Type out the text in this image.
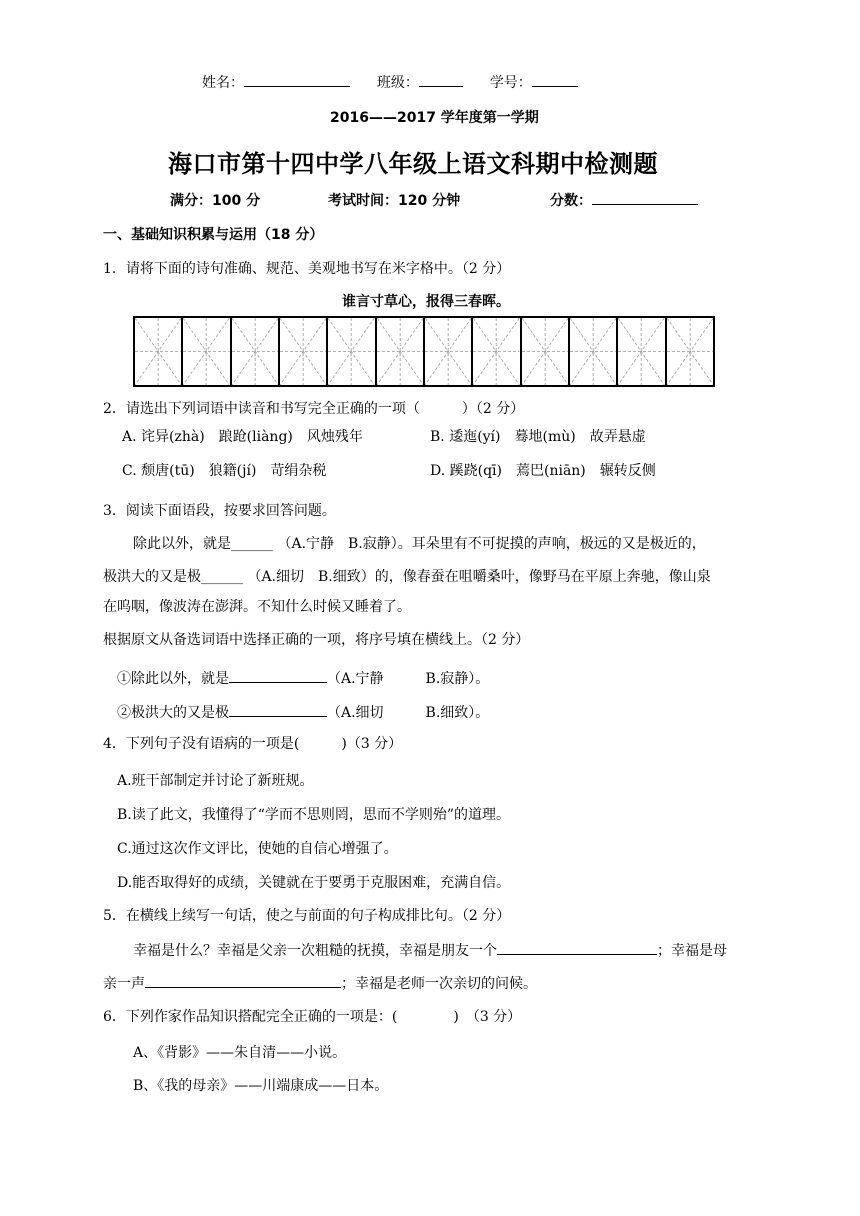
姓名：	班级：	学号：
2016——2017 学年度第一学期
海口市第十四中学八年级上语文科期中检测题
满分：100 分	考试时间：120 分钟	分数：
一、基础知识积累与运用（18 分）
1．请将下面的诗句准确、规范、美观地书写在米字格中。（2 分）
谁言寸草心，报得三春晖。
2．请选出下列词语中读音和书写完全正确的一项（　　　）（2 分）
A. 诧异(zhà)　踉跄(liàng)　风烛残年	B. 逶迤(yí)　蓦地(mù)　故弄悬虚
C. 颓唐(tū)　狼籍(jí)　苛绢杂税	D. 蹊跷(qī)　蔫巴(niān)　辗转反侧
3．阅读下面语段，按要求回答问题。
除此以外，就是______ （A.宁静　B.寂静）。耳朵里有不可捉摸的声响，极远的又是极近的，
极洪大的又是极______ （A.细切　B.细致）的，像春蚕在咀嚼桑叶，像野马在平原上奔驰，像山泉
在呜咽，像波涛在澎湃。不知什么时候又睡着了。
根据原文从备选词语中选择正确的一项，将序号填在横线上。（2 分）
①除此以外，就是	（A.宁静　　　B.寂静）。
②极洪大的又是极	（A.细切　　　B.细致）。
4．下列句子没有语病的一项是(　　　)（3 分）
A.班干部制定并讨论了新班规。
B.读了此文，我懂得了“学而不思则罔，思而不学则殆”的道理。
C.通过这次作文评比，使她的自信心增强了。
D.能否取得好的成绩，关键就在于要勇于克服困难，充满自信。
5．在横线上续写一句话，使之与前面的句子构成排比句。（2 分）
幸福是什么？幸福是父亲一次粗糙的抚摸，幸福是朋友一个	；幸福是母
亲一声	；幸福是老师一次亲切的问候。
6．下列作家作品知识搭配完全正确的一项是：(　　　　)　（3 分）
A、《背影》——朱自清——小说。
B、《我的母亲》——川端康成——日本。
